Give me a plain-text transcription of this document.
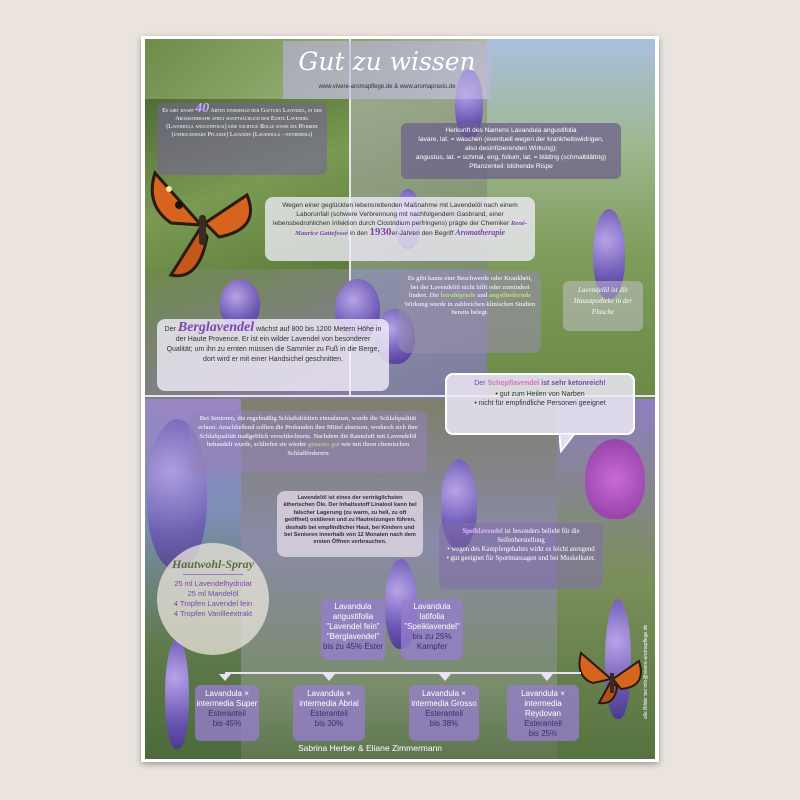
Gut zu wissen
www.vivere-aromapflege.de & www.aromapraxis.de
Es gibt knapp 40 Arten innerhalb der Gattung Lavendel, in der Aromatherapie spielt hauptsächlich der Echte Lavendel (Lavandula angustifolia) eine wichtige Rolle sowie die Hybride (unfruchtbare Pflanze) Lavandin (Lavandula - intermedia)
Herkunft des Namens Lavandula angustifolia
lavare, lat. = waschen (eventuell wegen der krankheitswidrigen,
also desinfizierenden Wirkung);
angustus, lat. = schmal, eng, folium, lat. = blättrig (schmalblättrig)
Pflanzenteil: blühende Rispe
Wegen einer geglückten lebensrettenden Maßnahme mit Lavendelöl nach einem Laborunfall (schwere Verbrennung mit nachfolgendem Gasbrand, einer lebensbedrohlichen Infektion durch Clostridium perfringens) prägte der Chemiker René-Maurice Gattefossé in den 1930er-Jahren den Begriff Aromatherapie
Es gibt kaum eine Beschwerde oder Krankheit, bei der Lavendelöl nicht hilft oder zumindest lindert. Die beruhigende und angstlindernde Wirkung wurde in zahlreichen klinischen Studien bereits belegt.
Lavendelöl ist die Hausapotheke in der Flasche
Der Berglavendel wächst auf 800 bis 1200 Metern Höhe in der Haute Provence. Er ist ein wilder Lavendel von besonderer Qualität; um ihn zu ernten müssen die Sammler zu Fuß in die Berge, dort wird er mit einer Handsichel geschnitten.
Der Schopflavendel ist sehr ketonreich!
• gut zum Heilen von Narben
• nicht für empfindliche Personen geeignet
Bei Senioren, die regelmäßig Schlaftabletten einnahmen, wurde die Schlafqualität erfasst. Anschließend sollten die Probanden ihre Mittel absetzen, wodurch sich ihre Schlafqualität maßgeblich verschlechterte. Nachdem die Raumluft mit Lavendelöl behandelt wurde, schliefen sie wieder genauso gut wie mit ihren chemischen Schlafförderern
Lavendelöl ist eines der verträglichsten ätherischen Öle. Der Inhaltsstoff Linalool kann bei falscher Lagerung (zu warm, zu hell, zu oft geöffnet) oxidieren und zu Hautreizungen führen, deshalb bei empfindlicher Haut, bei Kindern und bei Senioren innerhalb von 12 Monaten nach dem ersten Öffnen verbrauchen.
Speiklavendel ist besonders beliebt für die Seifenherstellung
• wegen des Kampfergehaltes wirkt es leicht anregend
• gut geeignet für Sportmassagen und bei Muskelkater.
Hautwohl-Spray
25 ml Lavendelhydrolat
25 ml Mandelöl
4 Tropfen Lavendel fein
4 Tropfen Vanilleextrakt
Lavandula angustifolia
"Lavendel fein" "Berglavendel"
bis zu 45% Ester
Lavandula latifolia
"Speiklavendel"
bis zu 25% Kampfer
Lavandula × intermedia Super
Esteranteil
bis 45%
Lavandula × intermedia Abrial
Esteranteil
bis 30%
Lavandula × intermedia Grosso
Esteranteil
bis 38%
Lavandula × intermedia Reydovan
Esteranteil
bis 25%
Sabrina Herber & Eliane Zimmermann
alle Bilder bei info@vivere-aromapflege.de
